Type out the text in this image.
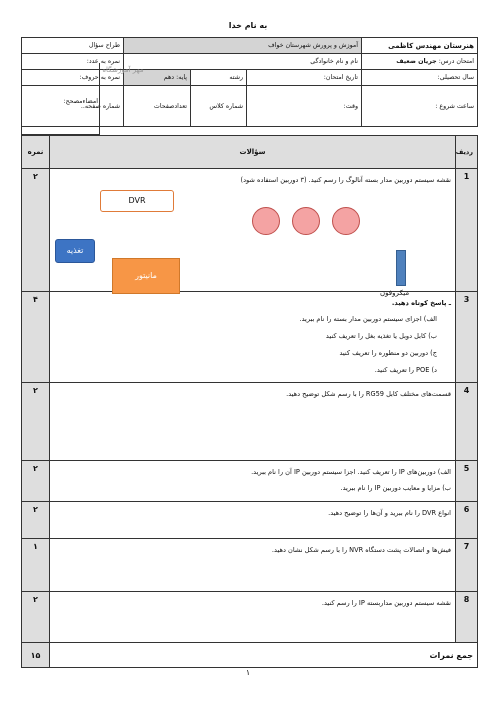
به نام خدا
هنرستان مهندس کاظمی	آموزش و پرورش شهرستان خواف			طراح سؤال
امتحان درس: جریان ضعیف	نام و نام خانوادگی			نمره به عدد:
سال تحصیلی:	تاریخ امتحان:	رشته	پایه: دهم	نمره به حروف:
ساعت شروع :	وقت:	شماره کلاس	تعدادصفحات	شماره صفحه..
مهر آموزشگاه
امضاءمصحح:
ردیف	سؤالات	نمره
1	نقشه سیستم دوربین مدار بسته آنالوگ را رسم کنید. (۳ دوربین استفاده شود)
DVR
تغذیه
مانیتور
میکروفون	۲
3	ـ پاسخ کوتاه دهید.
الف) اجزای سیستم دوربین مدار بسته را نام ببرید.
ب) کابل دوبل یا تغذیه بغل را تعریف کنید
ج) دوربین دو منظوره را تعریف کنید
د) POE را تعریف کنید.	۴
4	قسمت‌های مختلف کابل RG59 را با رسم شکل توضیح دهید.	۲
5	الف) دوربین‌های IP را تعریف کنید. اجزا سیستم دوربین IP آن را نام ببرید.
ب) مزایا و معایب دوربین IP را نام ببرید.	۲
6	انواع DVR را نام ببرید و آن‌ها را توضیح دهید.	۲
7	فیش‌ها و اتصالات پشت دستگاه NVR را با رسم شکل نشان دهید.	۱
8	نقشه سیستم دوربین مداربسته IP را رسم کنید.	۲
جمع نمرات		۱۵
۱
